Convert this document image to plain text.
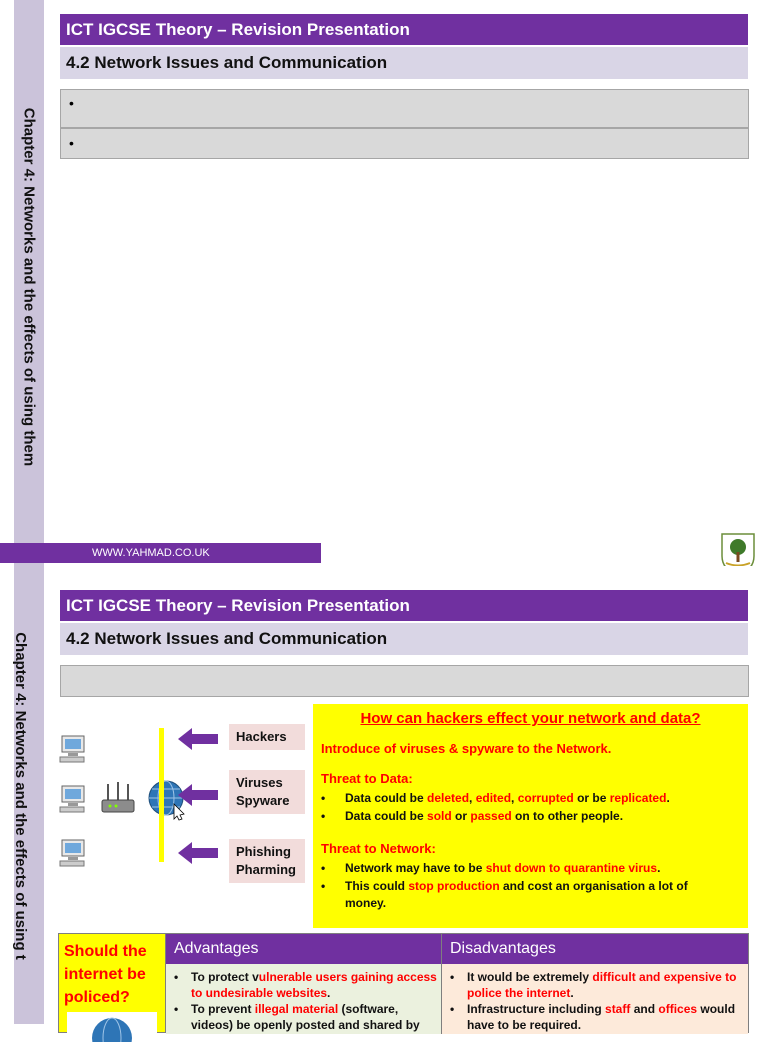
Chapter 4: Networks and the effects of using them
ICT IGCSE Theory – Revision Presentation
4.2 Network Issues and Communication
•
•
WWW.YAHMAD.CO.UK
Chapter 4: Networks and the effects of using t
ICT IGCSE Theory – Revision Presentation
4.2 Network Issues and Communication
Hackers
Viruses
Spyware
Phishing
Pharming
How can hackers effect your network and data?
Introduce of viruses & spyware to the Network.
Threat to Data:
• Data could be deleted, edited, corrupted or be replicated.
• Data could be sold or passed on to other people.
Threat to Network:
• Network may have to be shut down to quarantine virus.
• This could stop production and cost an organisation a lot of money.
Should the internet be policed?
Advantages	Disadvantages
• To protect vulnerable users gaining access to undesirable websites.
• To prevent illegal material (software, videos) be openly posted and shared by
• It would be extremely difficult and expensive to police the internet.
• Infrastructure including staff and offices would have to be required.
